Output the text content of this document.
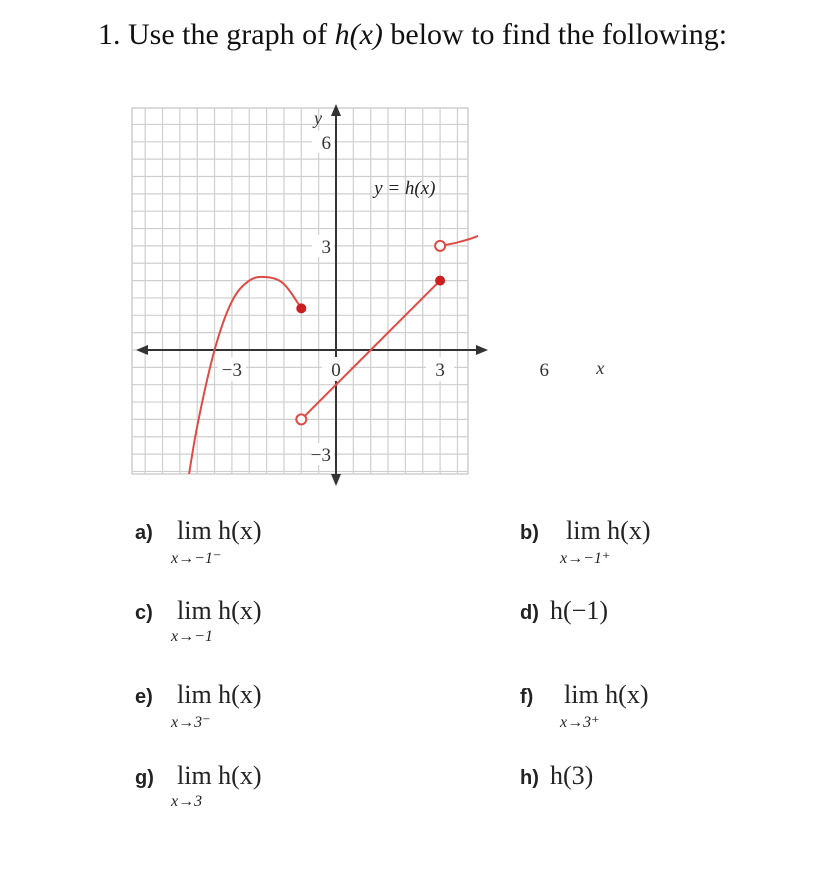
1. Use the graph of h(x) below to find the following:
−3	0	3	6
6
3
−3
x
y
y = h(x)
a) lim h(x)
x→−1⁻
b) lim h(x)
x→−1⁺
c) lim h(x)
x→−1
d) h(−1)
e) lim h(x)
x→3⁻
f) lim h(x)
x→3⁺
g) lim h(x)
x→3
h) h(3)
